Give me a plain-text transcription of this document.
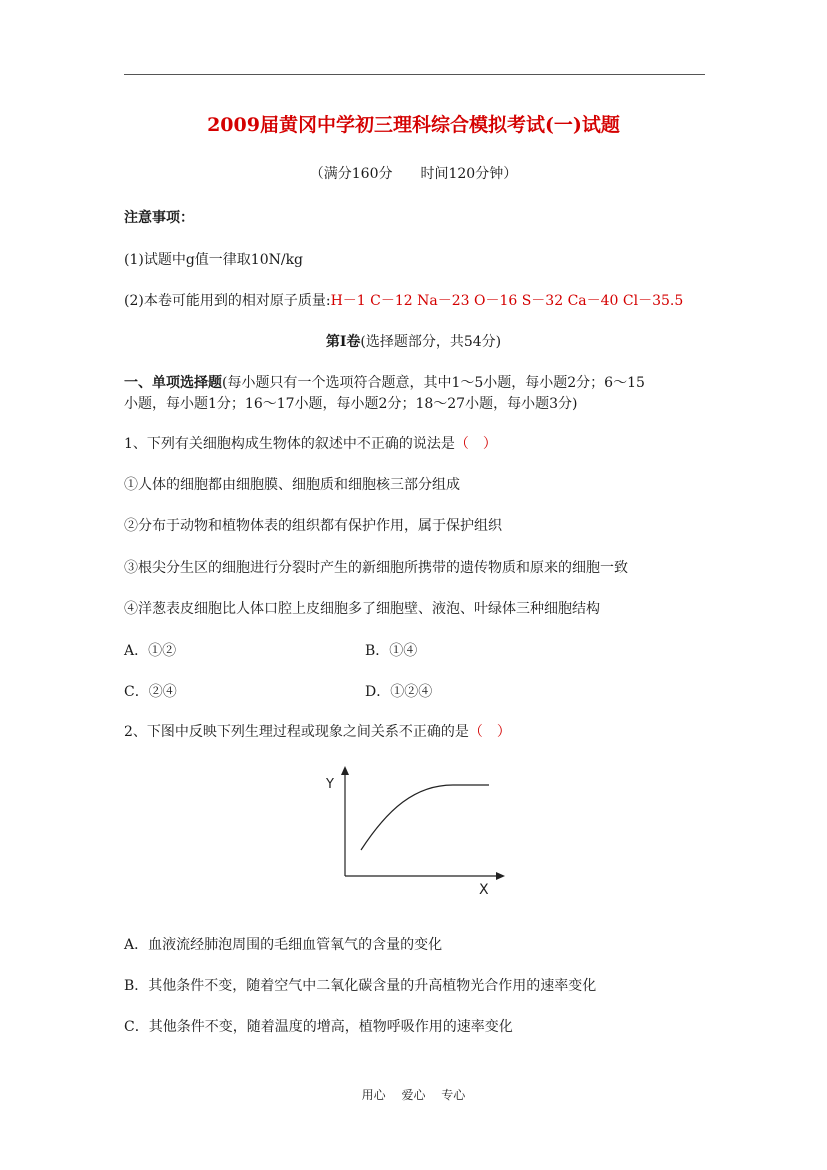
2009届黄冈中学初三理科综合模拟考试(一)试题
（满分160分　　时间120分钟）
注意事项：
(1)试题中g值一律取10N/kg
(2)本卷可能用到的相对原子质量:H－1 C－12 Na－23 O－16 S－32 Ca－40 Cl－35.5
第Ⅰ卷(选择题部分，共54分)
一、单项选择题(每小题只有一个选项符合题意，其中1～5小题，每小题2分；6～15
小题，每小题1分；16～17小题，每小题2分；18～27小题，每小题3分)
1、下列有关细胞构成生物体的叙述中不正确的说法是（　）
①人体的细胞都由细胞膜、细胞质和细胞核三部分组成
②分布于动物和植物体表的组织都有保护作用，属于保护组织
③根尖分生区的细胞进行分裂时产生的新细胞所携带的遗传物质和原来的细胞一致
④洋葱表皮细胞比人体口腔上皮细胞多了细胞壁、液泡、叶绿体三种细胞结构
A．①②	B．①④
C．②④	D．①②④
2、下图中反映下列生理过程或现象之间关系不正确的是（　）
Y
X
A．血液流经肺泡周围的毛细血管氧气的含量的变化
B．其他条件不变，随着空气中二氧化碳含量的升高植物光合作用的速率变化
C．其他条件不变，随着温度的增高，植物呼吸作用的速率变化
用心 爱心 专心
